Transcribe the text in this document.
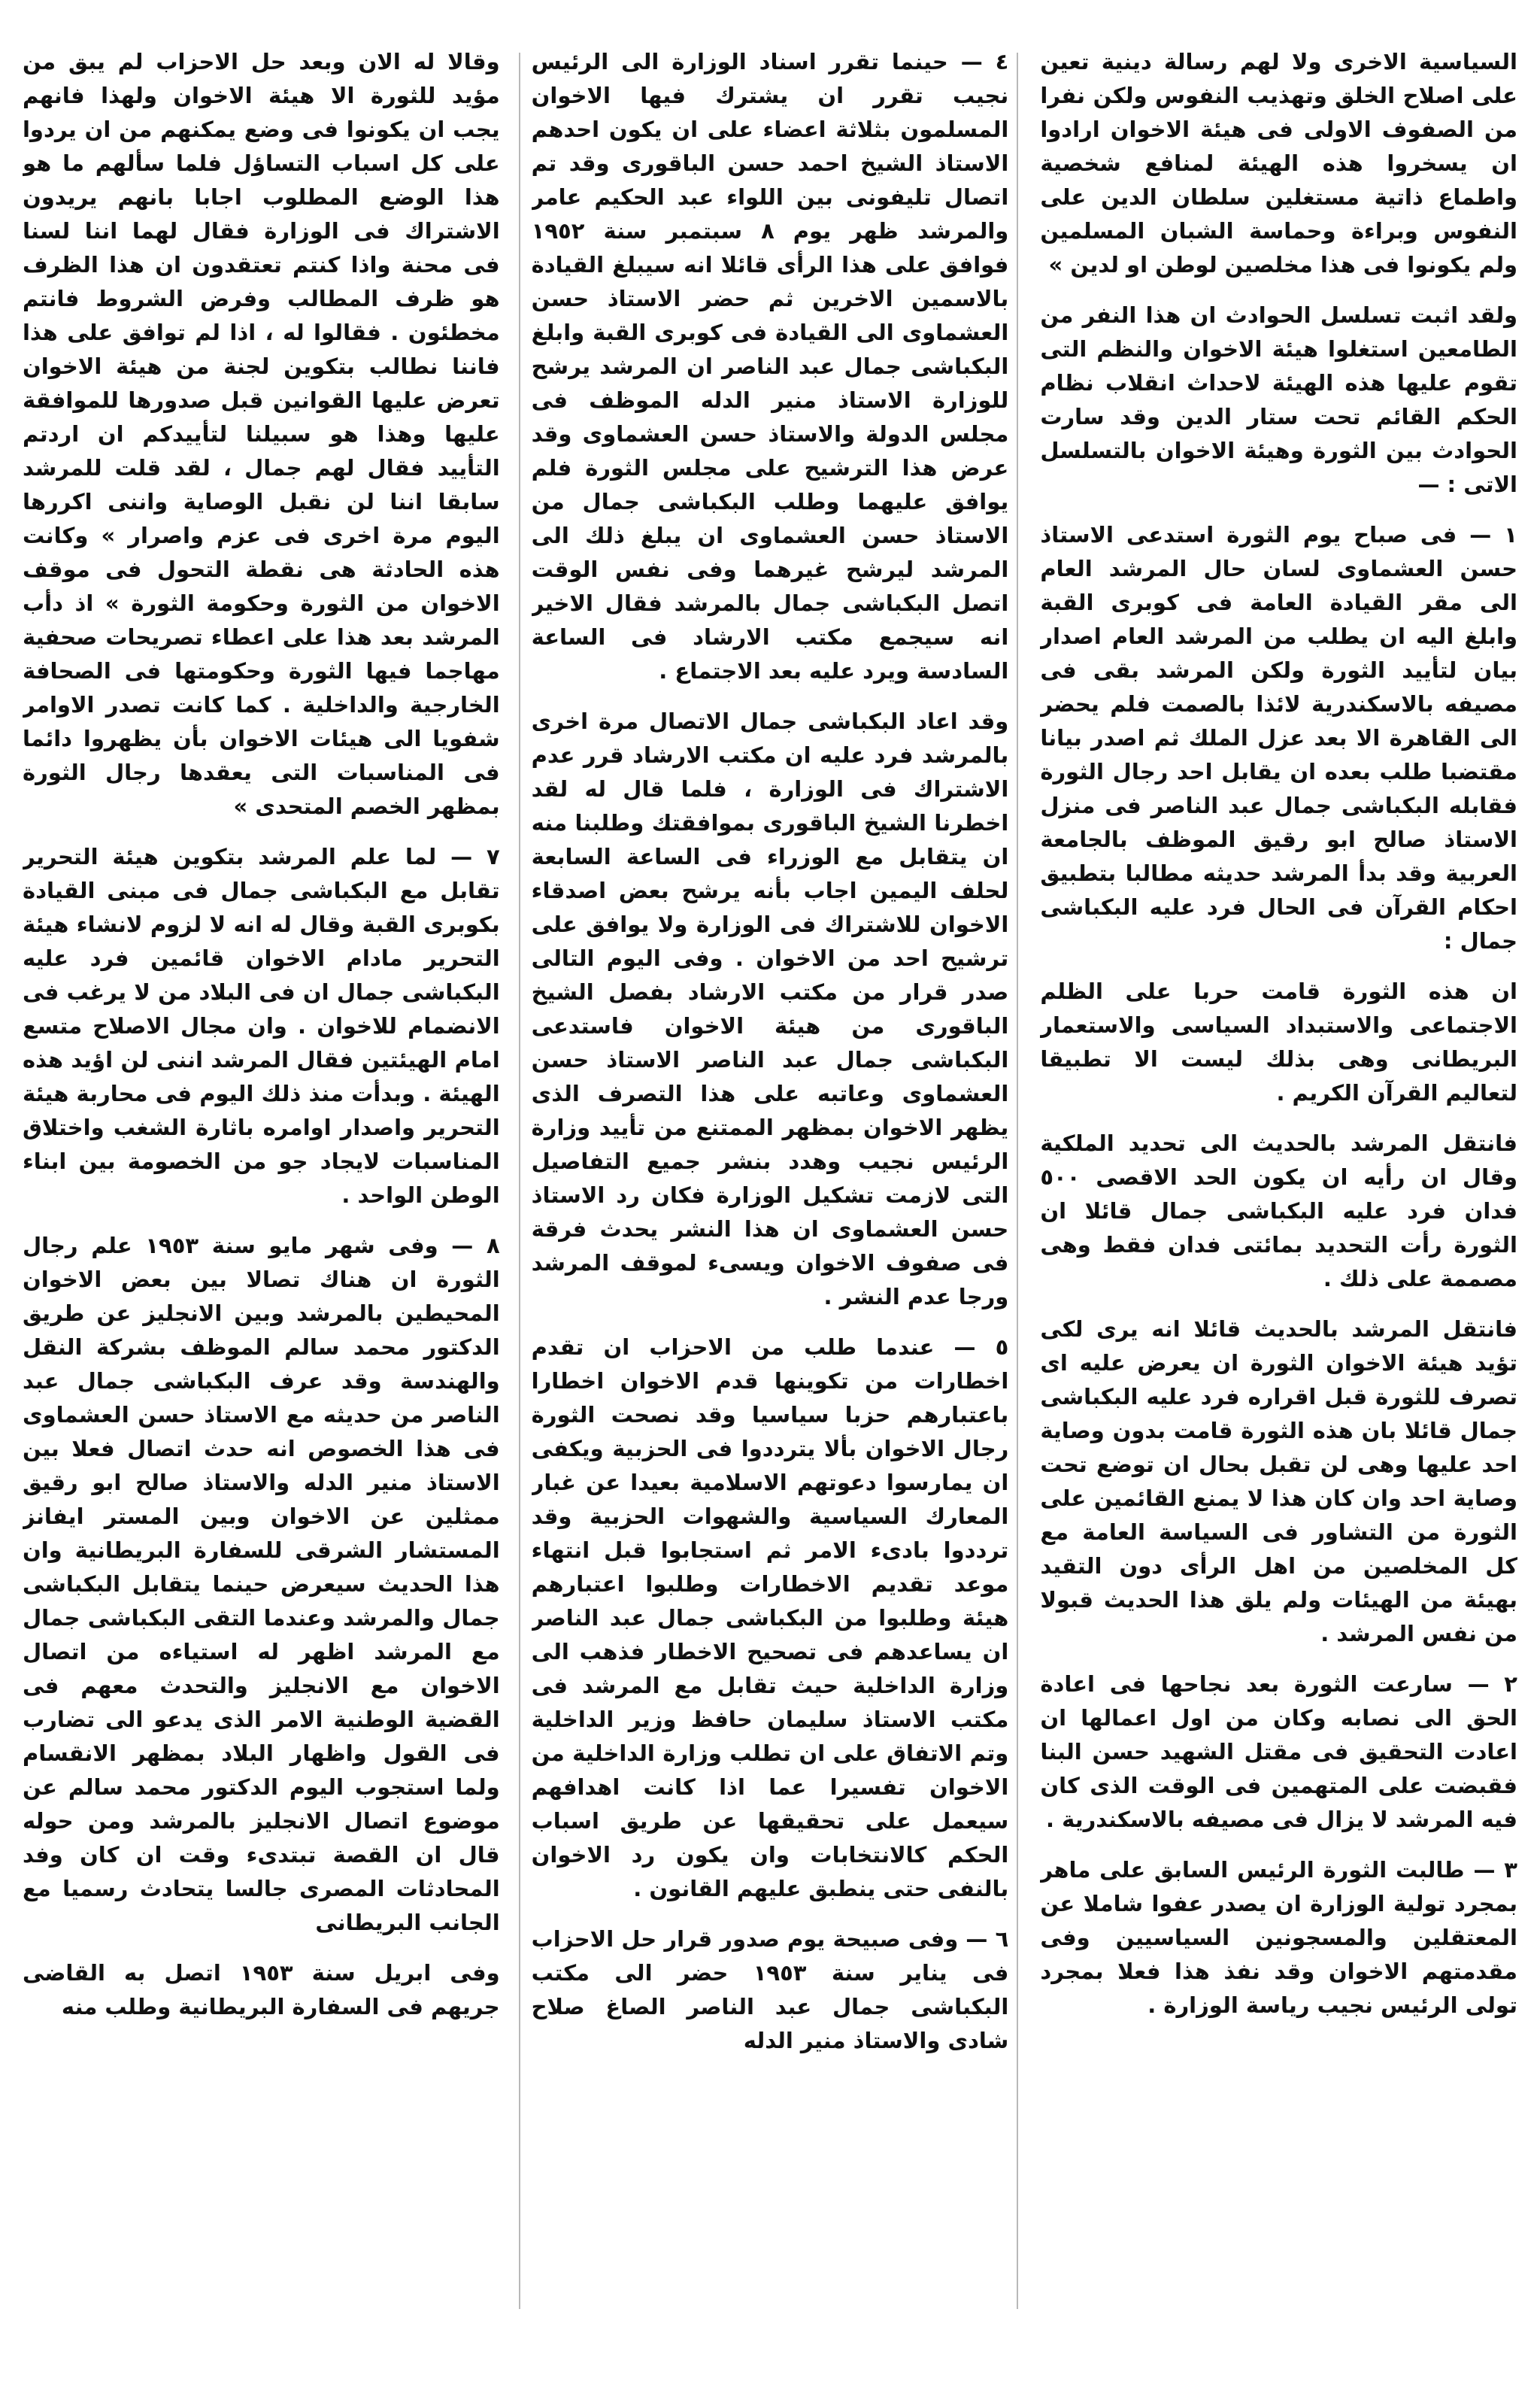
السياسية الاخرى ولا لهم رسالة دينية تعين على اصلاح الخلق وتهذيب النفوس ولكن نفرا من الصفوف الاولى فى هيئة الاخوان ارادوا ان يسخروا هذه الهيئة لمنافع شخصية واطماع ذاتية مستغلين سلطان الدين على النفوس وبراءة وحماسة الشبان المسلمين ولم يكونوا فى هذا مخلصين لوطن او لدين »

ولقد اثبت تسلسل الحوادث ان هذا النفر من الطامعين استغلوا هيئة الاخوان والنظم التى تقوم عليها هذه الهيئة لاحداث انقلاب نظام الحكم القائم تحت ستار الدين وقد سارت الحوادث بين الثورة وهيئة الاخوان بالتسلسل الاتى : —

١ — فى صباح يوم الثورة استدعى الاستاذ حسن العشماوى لسان حال المرشد العام الى مقر القيادة العامة فى كوبرى القبة وابلغ اليه ان يطلب من المرشد العام اصدار بيان لتأييد الثورة ولكن المرشد بقى فى مصيفه بالاسكندرية لائذا بالصمت فلم يحضر الى القاهرة الا بعد عزل الملك ثم اصدر بيانا مقتضبا طلب بعده ان يقابل احد رجال الثورة فقابله البكباشى جمال عبد الناصر فى منزل الاستاذ صالح ابو رقيق الموظف بالجامعة العربية وقد بدأ المرشد حديثه مطالبا بتطبيق احكام القرآن فى الحال فرد عليه البكباشى جمال :

ان هذه الثورة قامت حربا على الظلم الاجتماعى والاستبداد السياسى والاستعمار البريطانى وهى بذلك ليست الا تطبيقا لتعاليم القرآن الكريم .

فانتقل المرشد بالحديث الى تحديد الملكية وقال ان رأيه ان يكون الحد الاقصى ٥٠٠ فدان فرد عليه البكباشى جمال قائلا ان الثورة رأت التحديد بمائتى فدان فقط وهى مصممة على ذلك .

فانتقل المرشد بالحديث قائلا انه يرى لكى تؤيد هيئة الاخوان الثورة ان يعرض عليه اى تصرف للثورة قبل اقراره فرد عليه البكباشى جمال قائلا بان هذه الثورة قامت بدون وصاية احد عليها وهى لن تقبل بحال ان توضع تحت وصاية احد وان كان هذا لا يمنع القائمين على الثورة من التشاور فى السياسة العامة مع كل المخلصين من اهل الرأى دون التقيد بهيئة من الهيئات ولم يلق هذا الحديث قبولا من نفس المرشد .

٢ — سارعت الثورة بعد نجاحها فى اعادة الحق الى نصابه وكان من اول اعمالها ان اعادت التحقيق فى مقتل الشهيد حسن البنا فقبضت على المتهمين فى الوقت الذى كان فيه المرشد لا يزال فى مصيفه بالاسكندرية .

٣ — طالبت الثورة الرئيس السابق على ماهر بمجرد تولية الوزارة ان يصدر عفوا شاملا عن المعتقلين والمسجونين السياسيين وفى مقدمتهم الاخوان وقد نفذ هذا فعلا بمجرد تولى الرئيس نجيب رياسة الوزارة .

٤ — حينما تقرر اسناد الوزارة الى الرئيس نجيب تقرر ان يشترك فيها الاخوان المسلمون بثلاثة اعضاء على ان يكون احدهم الاستاذ الشيخ احمد حسن الباقورى وقد تم اتصال تليفونى بين اللواء عبد الحكيم عامر والمرشد ظهر يوم ٨ سبتمبر سنة ١٩٥٢ فوافق على هذا الرأى قائلا انه سيبلغ القيادة بالاسمين الاخرين ثم حضر الاستاذ حسن العشماوى الى القيادة فى كوبرى القبة وابلغ البكباشى جمال عبد الناصر ان المرشد يرشح للوزارة الاستاذ منير الدله الموظف فى مجلس الدولة والاستاذ حسن العشماوى وقد عرض هذا الترشيح على مجلس الثورة فلم يوافق عليهما وطلب البكباشى جمال من الاستاذ حسن العشماوى ان يبلغ ذلك الى المرشد ليرشح غيرهما وفى نفس الوقت اتصل البكباشى جمال بالمرشد فقال الاخير انه سيجمع مكتب الارشاد فى الساعة السادسة ويرد عليه بعد الاجتماع .

وقد اعاد البكباشى جمال الاتصال مرة اخرى بالمرشد فرد عليه ان مكتب الارشاد قرر عدم الاشتراك فى الوزارة ، فلما قال له لقد اخطرنا الشيخ الباقورى بموافقتك وطلبنا منه ان يتقابل مع الوزراء فى الساعة السابعة لحلف اليمين اجاب بأنه يرشح بعض اصدقاء الاخوان للاشتراك فى الوزارة ولا يوافق على ترشيح احد من الاخوان . وفى اليوم التالى صدر قرار من مكتب الارشاد بفصل الشيخ الباقورى من هيئة الاخوان فاستدعى البكباشى جمال عبد الناصر الاستاذ حسن العشماوى وعاتبه على هذا التصرف الذى يظهر الاخوان بمظهر الممتنع من تأييد وزارة الرئيس نجيب وهدد بنشر جميع التفاصيل التى لازمت تشكيل الوزارة فكان رد الاستاذ حسن العشماوى ان هذا النشر يحدث فرقة فى صفوف الاخوان ويسىء لموقف المرشد ورجا عدم النشر .

٥ — عندما طلب من الاحزاب ان تقدم اخطارات من تكوينها قدم الاخوان اخطارا باعتبارهم حزبا سياسيا وقد نصحت الثورة رجال الاخوان بألا يترددوا فى الحزبية ويكفى ان يمارسوا دعوتهم الاسلامية بعيدا عن غبار المعارك السياسية والشهوات الحزبية وقد ترددوا بادىء الامر ثم استجابوا قبل انتهاء موعد تقديم الاخطارات وطلبوا اعتبارهم هيئة وطلبوا من البكباشى جمال عبد الناصر ان يساعدهم فى تصحيح الاخطار فذهب الى وزارة الداخلية حيث تقابل مع المرشد فى مكتب الاستاذ سليمان حافظ وزير الداخلية وتم الاتفاق على ان تطلب وزارة الداخلية من الاخوان تفسيرا عما اذا كانت اهدافهم سيعمل على تحقيقها عن طريق اسباب الحكم كالانتخابات وان يكون رد الاخوان بالنفى حتى ينطبق عليهم القانون .

٦ — وفى صبيحة يوم صدور قرار حل الاحزاب فى يناير سنة ١٩٥٣ حضر الى مكتب البكباشى جمال عبد الناصر الصاغ صلاح شادى والاستاذ منير الدله

وقالا له الان وبعد حل الاحزاب لم يبق من مؤيد للثورة الا هيئة الاخوان ولهذا فانهم يجب ان يكونوا فى وضع يمكنهم من ان يردوا على كل اسباب التساؤل فلما سألهم ما هو هذا الوضع المطلوب اجابا بانهم يريدون الاشتراك فى الوزارة فقال لهما اننا لسنا فى محنة واذا كنتم تعتقدون ان هذا الظرف هو ظرف المطالب وفرض الشروط فانتم مخطئون . فقالوا له ، اذا لم توافق على هذا فاننا نطالب بتكوين لجنة من هيئة الاخوان تعرض عليها القوانين قبل صدورها للموافقة عليها وهذا هو سبيلنا لتأييدكم ان اردتم التأييد فقال لهم جمال ، لقد قلت للمرشد سابقا اننا لن نقبل الوصاية واننى اكررها اليوم مرة اخرى فى عزم واصرار » وكانت هذه الحادثة هى نقطة التحول فى موقف الاخوان من الثورة وحكومة الثورة » اذ دأب المرشد بعد هذا على اعطاء تصريحات صحفية مهاجما فيها الثورة وحكومتها فى الصحافة الخارجية والداخلية . كما كانت تصدر الاوامر شفويا الى هيئات الاخوان بأن يظهروا دائما فى المناسبات التى يعقدها رجال الثورة بمظهر الخصم المتحدى »

٧ — لما علم المرشد بتكوين هيئة التحرير تقابل مع البكباشى جمال فى مبنى القيادة بكوبرى القبة وقال له انه لا لزوم لانشاء هيئة التحرير مادام الاخوان قائمين فرد عليه البكباشى جمال ان فى البلاد من لا يرغب فى الانضمام للاخوان . وان مجال الاصلاح متسع امام الهيئتين فقال المرشد اننى لن اؤيد هذه الهيئة . وبدأت منذ ذلك اليوم فى محاربة هيئة التحرير واصدار اوامره باثارة الشغب واختلاق المناسبات لايجاد جو من الخصومة بين ابناء الوطن الواحد .

٨ — وفى شهر مايو سنة ١٩٥٣ علم رجال الثورة ان هناك تصالا بين بعض الاخوان المحيطين بالمرشد وبين الانجليز عن طريق الدكتور محمد سالم الموظف بشركة النقل والهندسة وقد عرف البكباشى جمال عبد الناصر من حديثه مع الاستاذ حسن العشماوى فى هذا الخصوص انه حدث اتصال فعلا بين الاستاذ منير الدله والاستاذ صالح ابو رقيق ممثلين عن الاخوان وبين المستر ايفانز المستشار الشرقى للسفارة البريطانية وان هذا الحديث سيعرض حينما يتقابل البكباشى جمال والمرشد وعندما التقى البكباشى جمال مع المرشد اظهر له استياءه من اتصال الاخوان مع الانجليز والتحدث معهم فى القضية الوطنية الامر الذى يدعو الى تضارب فى القول واظهار البلاد بمظهر الانقسام ولما استجوب اليوم الدكتور محمد سالم عن موضوع اتصال الانجليز بالمرشد ومن حوله قال ان القصة تبتدىء وقت ان كان وفد المحادثات المصرى جالسا يتحادث رسميا مع الجانب البريطانى

وفى ابريل سنة ١٩٥٣ اتصل به القاضى جريهم فى السفارة البريطانية وطلب منه
